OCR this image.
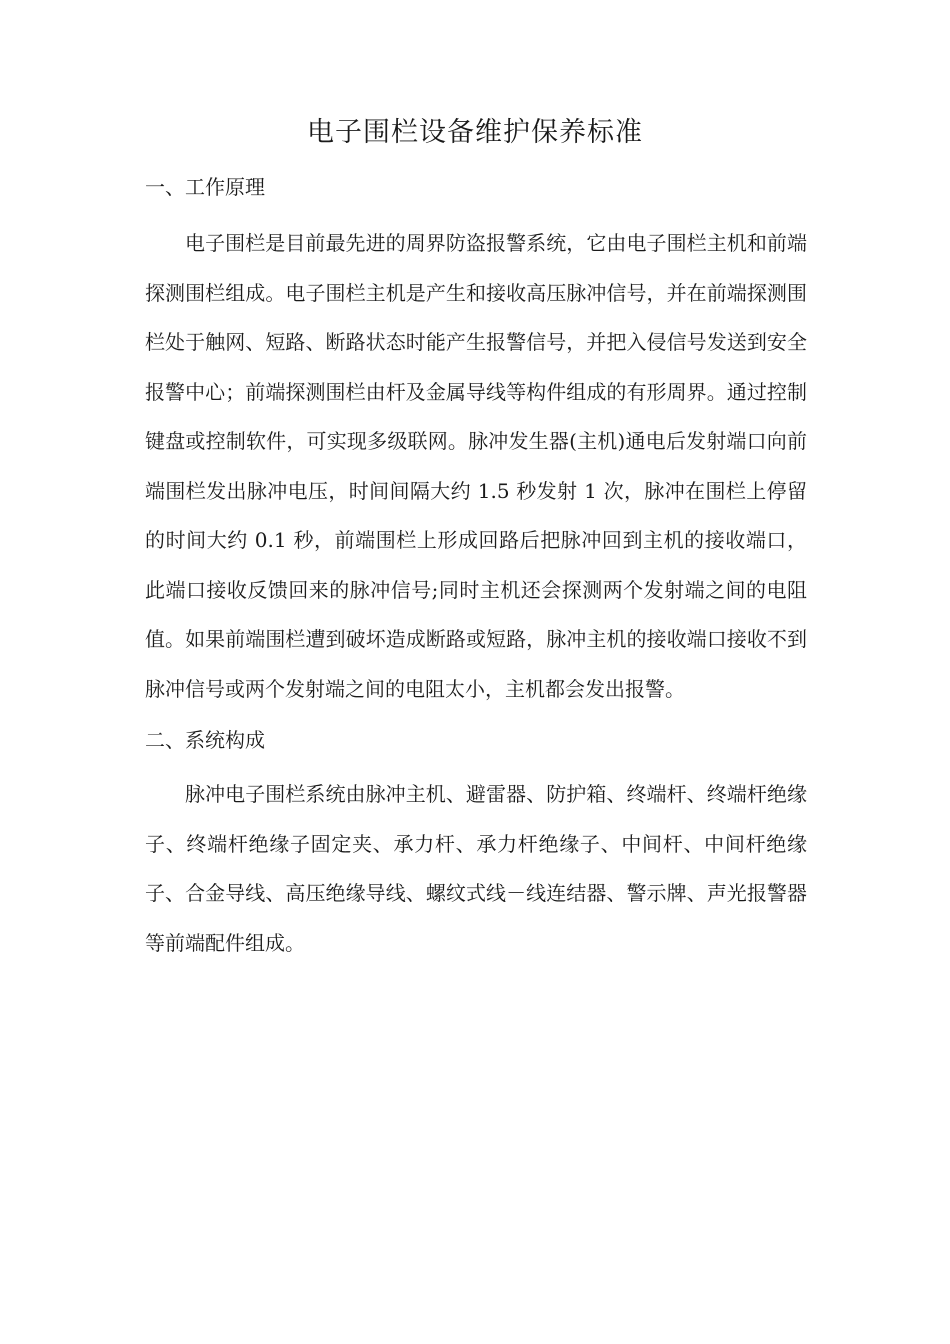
电子围栏设备维护保养标准
一、工作原理

电子围栏是目前最先进的周界防盗报警系统，它由电子围栏主机和前端探测围栏组成。电子围栏主机是产生和接收高压脉冲信号，并在前端探测围栏处于触网、短路、断路状态时能产生报警信号，并把入侵信号发送到安全报警中心；前端探测围栏由杆及金属导线等构件组成的有形周界。通过控制键盘或控制软件，可实现多级联网。脉冲发生器(主机)通电后发射端口向前端围栏发出脉冲电压，时间间隔大约 1.5 秒发射 1 次，脉冲在围栏上停留的时间大约 0.1 秒，前端围栏上形成回路后把脉冲回到主机的接收端口，此端口接收反馈回来的脉冲信号;同时主机还会探测两个发射端之间的电阻值。如果前端围栏遭到破坏造成断路或短路，脉冲主机的接收端口接收不到脉冲信号或两个发射端之间的电阻太小，主机都会发出报警。

二、系统构成

脉冲电子围栏系统由脉冲主机、避雷器、防护箱、终端杆、终端杆绝缘子、终端杆绝缘子固定夹、承力杆、承力杆绝缘子、中间杆、中间杆绝缘子、合金导线、高压绝缘导线、螺纹式线－线连结器、警示牌、声光报警器等前端配件组成。
